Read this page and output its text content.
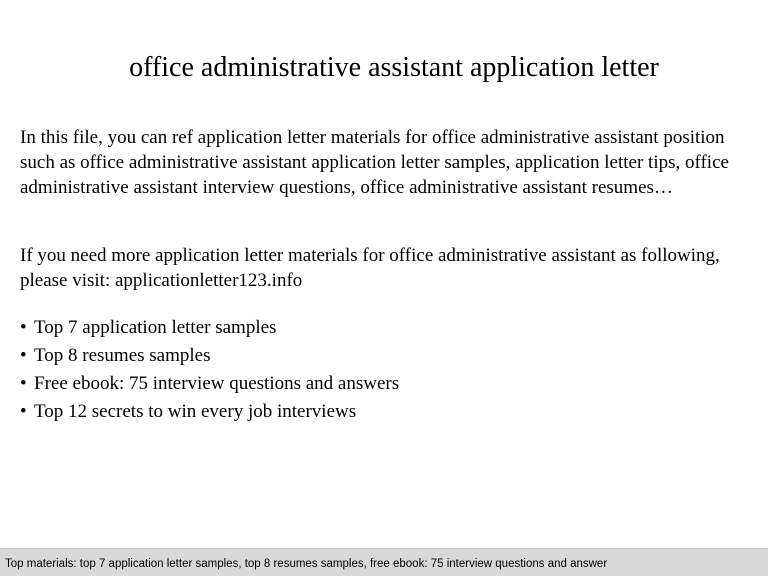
office administrative assistant application letter

In this file, you can ref application letter materials for office administrative assistant position such as office administrative assistant application letter samples, application letter tips, office administrative assistant interview questions, office administrative assistant resumes…

If you need more application letter materials for office administrative assistant as following, please visit: applicationletter123.info

• Top 7 application letter samples
• Top 8 resumes samples
• Free ebook: 75 interview questions and answers
• Top 12 secrets to win every job interviews
Top materials: top 7 application letter samples, top 8 resumes samples, free ebook: 75 interview questions and answer
